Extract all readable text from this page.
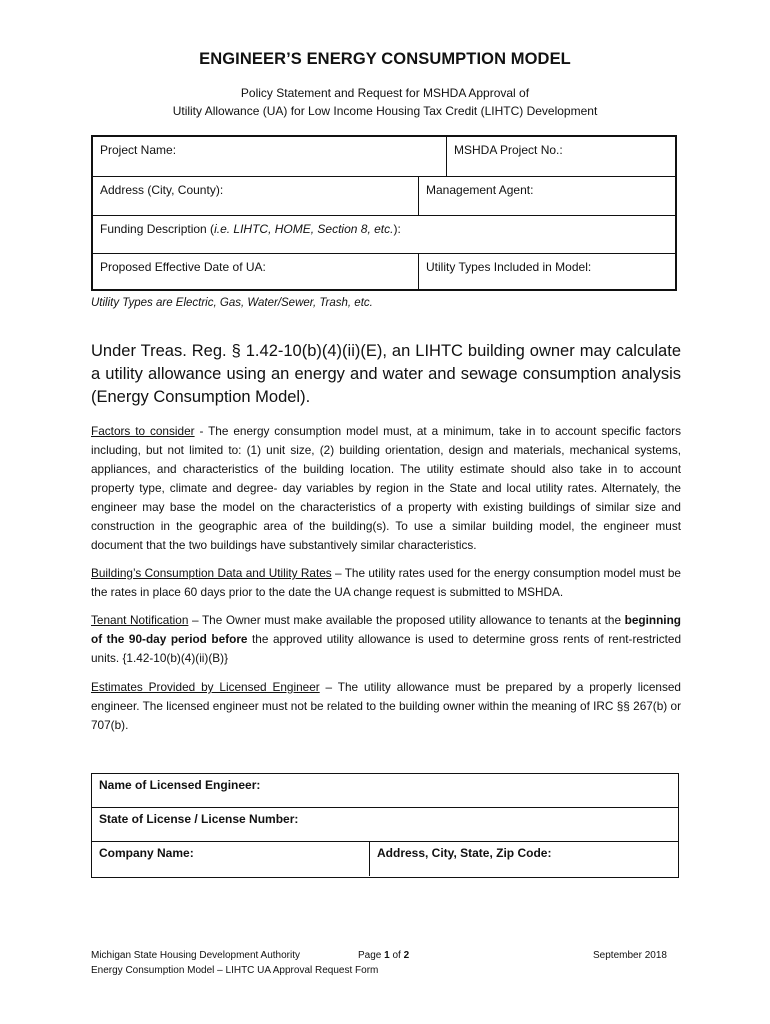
ENGINEER’S ENERGY CONSUMPTION MODEL
Policy Statement and Request for MSHDA Approval of
Utility Allowance (UA) for Low Income Housing Tax Credit (LIHTC) Development
Project Name:	MSHDA Project No.:
Address (City, County):	Management Agent:
Funding Description (i.e. LIHTC, HOME, Section 8, etc.):
Proposed Effective Date of UA:	Utility Types Included in Model:
Utility Types are Electric, Gas, Water/Sewer, Trash, etc.
Under Treas. Reg. § 1.42-10(b)(4)(ii)(E), an LIHTC building owner may calculate a utility allowance using an energy and water and sewage consumption analysis (Energy Consumption Model).
Factors to consider - The energy consumption model must, at a minimum, take in to account specific factors including, but not limited to: (1) unit size, (2) building orientation, design and materials, mechanical systems, appliances, and characteristics of the building location. The utility estimate should also take in to account property type, climate and degree- day variables by region in the State and local utility rates. Alternately, the engineer may base the model on the characteristics of a property with existing buildings of similar size and construction in the geographic area of the building(s). To use a similar building model, the engineer must document that the two buildings have substantively similar characteristics.
Building’s Consumption Data and Utility Rates – The utility rates used for the energy consumption model must be the rates in place 60 days prior to the date the UA change request is submitted to MSHDA.
Tenant Notification – The Owner must make available the proposed utility allowance to tenants at the beginning of the 90-day period before the approved utility allowance is used to determine gross rents of rent-restricted units. {1.42-10(b)(4)(ii)(B)}
Estimates Provided by Licensed Engineer – The utility allowance must be prepared by a properly licensed engineer. The licensed engineer must not be related to the building owner within the meaning of IRC §§ 267(b) or 707(b).
Name of Licensed Engineer:
State of License / License Number:
Company Name:	Address, City, State, Zip Code:
Michigan State Housing Development Authority	Page 1 of 2	September 2018
Energy Consumption Model – LIHTC UA Approval Request Form
